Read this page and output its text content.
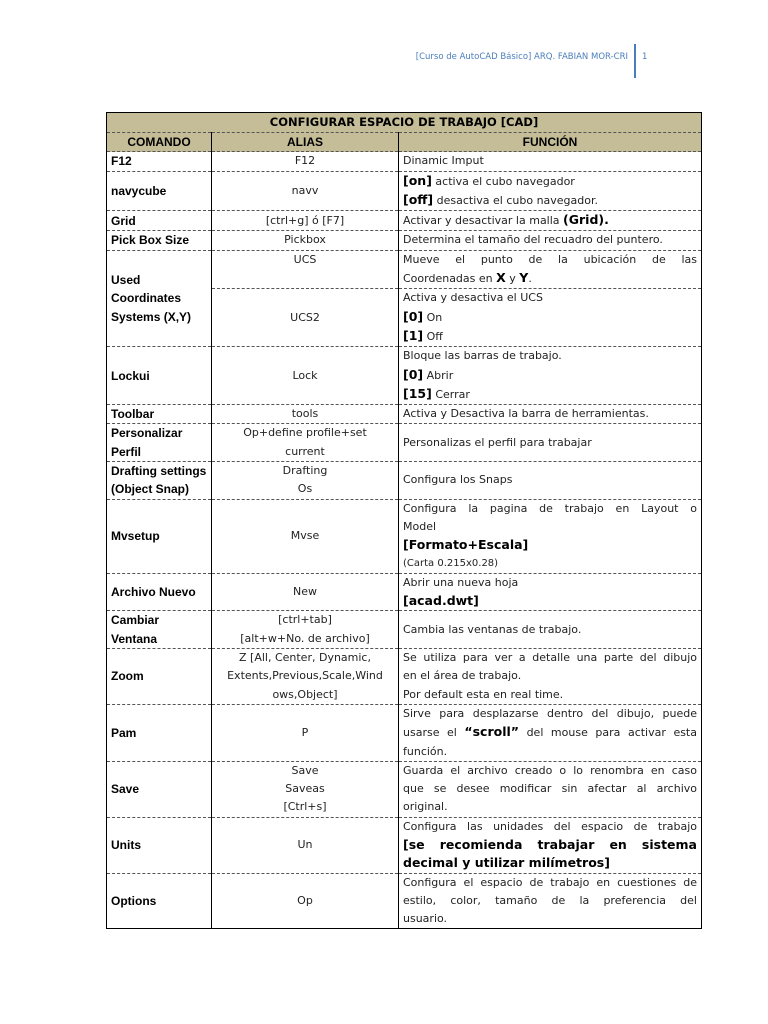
[Curso de AutoCAD Básico] ARQ. FABIAN MOR-CRI 1
CONFIGURAR ESPACIO DE TRABAJO [CAD]		
COMANDO	ALIAS	FUNCIÓN
F12	F12	Dinamic Imput
navycube	navv	[on] activa el cubo navegador
[off] desactiva el cubo navegador.

Grid	[ctrl+g] ó [F7]	Activar y desactivar la malla (Grid).
Pick Box Size	Pickbox	Determina el tamaño del recuadro del puntero.
Used Coordinates Systems (X,Y)	UCS	Mueve el punto de la ubicación de las
Coordenadas en X y Y.

	UCS2	Activa y desactiva el UCS
[0] On
[1] Off

Lockui	Lock	Bloque las barras de trabajo.
[0] Abrir
[15] Cerrar

Toolbar	tools	Activa y Desactiva la barra de herramientas.
Personalizar Perfil	Op+define profile+set
current	Personalizas el perfil para trabajar
Drafting settings (Object Snap)	Drafting
Os	Configura los Snaps
Mvsetup	Mvse	Configura la pagina de trabajo en Layout o
Model
[Formato+Escala]
(Carta 0.215x0.28)

Archivo Nuevo	New	Abrir una nueva hoja
[acad.dwt]

Cambiar Ventana	[ctrl+tab]
[alt+w+No. de archivo]	Cambia las ventanas de trabajo.
Zoom	Z [All, Center, Dynamic,
Extents,Previous,Scale,Wind
ows,Object]	Se utiliza para ver a detalle una parte del dibujo
en el área de trabajo.
Por default esta en real time.

Pam	P	Sirve para desplazarse dentro del dibujo, puede
usarse el “scroll” del mouse para activar esta
función.

Save	Save
Saveas
[Ctrl+s]	Guarda el archivo creado o lo renombra en caso
que se desee modificar sin afectar al archivo
original.

Units	Un	Configura las unidades del espacio de trabajo
[se recomienda trabajar en sistema
decimal y utilizar milímetros]

Options	Op	Configura el espacio de trabajo en cuestiones de
estilo, color, tamaño de la preferencia del
usuario.
